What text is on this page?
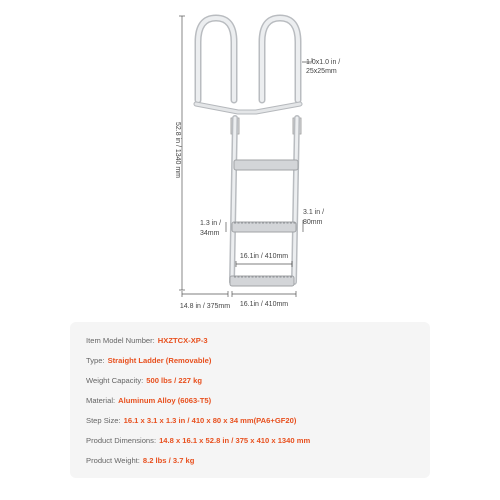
1.0x1.0 in /
25x25mm
52.8 in / 1340 mm
1.3 in /
34mm
3.1 in /
80mm
16.1in / 410mm
14.8 in / 375mm 16.1in / 410mm
Item Model Number: HXZTCX-XP-3
Type: Straight Ladder (Removable)
Weight Capacity: 500 lbs / 227 kg
Material: Aluminum Alloy (6063-T5)
Step Size: 16.1 x 3.1 x 1.3 in / 410 x 80 x 34 mm(PA6+GF20)
Product Dimensions: 14.8 x 16.1 x 52.8 in / 375 x 410 x 1340 mm
Product Weight: 8.2 lbs / 3.7 kg
